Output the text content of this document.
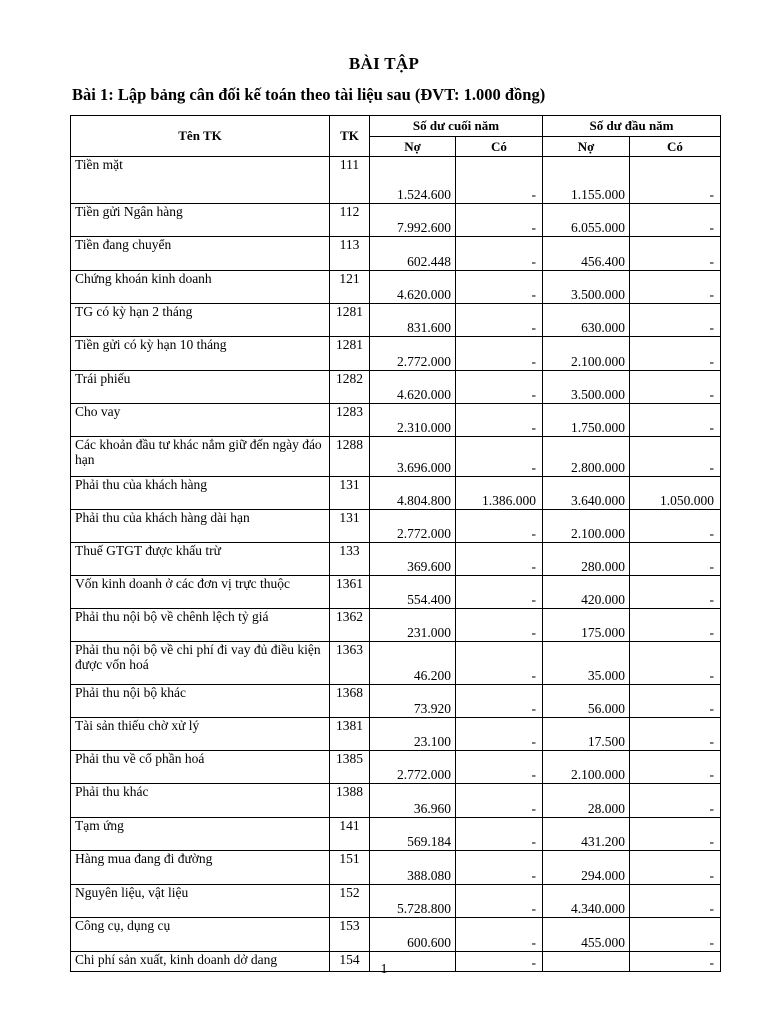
BÀI TẬP
Bài 1: Lập bảng cân đối kế toán theo tài liệu sau (ĐVT: 1.000 đồng)
Tên TK	TK	Số dư cuối năm		Số dư đầu năm	
		Nợ	Có	Nợ	Có
Tiền mặt	111	1.524.600	-	1.155.000	-
Tiền gửi Ngân hàng	112	7.992.600	-	6.055.000	-
Tiền đang chuyển	113	602.448	-	456.400	-
Chứng khoán kinh doanh	121	4.620.000	-	3.500.000	-
TG có kỳ hạn 2 tháng	1281	831.600	-	630.000	-
Tiền gửi có kỳ hạn 10 tháng	1281	2.772.000	-	2.100.000	-
Trái phiếu	1282	4.620.000	-	3.500.000	-
Cho vay	1283	2.310.000	-	1.750.000	-
Các khoản đầu tư khác nắm giữ đến ngày đáo hạn	1288	3.696.000	-	2.800.000	-
Phải thu của khách hàng	131	4.804.800	1.386.000	3.640.000	1.050.000
Phải thu của khách hàng dài hạn	131	2.772.000	-	2.100.000	-
Thuế GTGT được khấu trừ	133	369.600	-	280.000	-
Vốn kinh doanh ở các đơn vị trực thuộc	1361	554.400	-	420.000	-
Phải thu nội bộ về chênh lệch tỷ giá	1362	231.000	-	175.000	-
Phải thu nội bộ về chi phí đi vay đủ điều kiện được vốn hoá	1363	46.200	-	35.000	-
Phải thu nội bộ khác	1368	73.920	-	56.000	-
Tài sản thiếu chờ xử lý	1381	23.100	-	17.500	-
Phải thu về cổ phần hoá	1385	2.772.000	-	2.100.000	-
Phải thu khác	1388	36.960	-	28.000	-
Tạm ứng	141	569.184	-	431.200	-
Hàng mua đang đi đường	151	388.080	-	294.000	-
Nguyên liệu, vật liệu	152	5.728.800	-	4.340.000	-
Công cụ, dụng cụ	153	600.600	-	455.000	-
Chi phí sản xuất, kinh doanh dở dang	154		-		-
1
